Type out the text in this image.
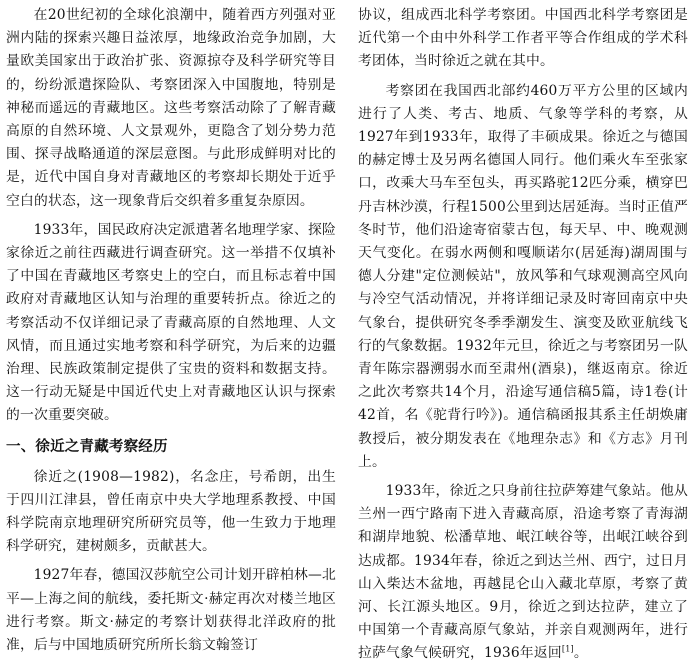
在20世纪初的全球化浪潮中，随着西方列强对亚洲内陆的探索兴趣日益浓厚，地缘政治竞争加剧，大量欧美国家出于政治扩张、资源掠夺及科学研究等目的，纷纷派遣探险队、考察团深入中国腹地，特别是神秘而遥远的青藏地区。这些考察活动除了了解青藏高原的自然环境、人文景观外，更隐含了划分势力范围、探寻战略通道的深层意图。与此形成鲜明对比的是，近代中国自身对青藏地区的考察却长期处于近乎空白的状态，这一现象背后交织着多重复杂原因。

1933年，国民政府决定派遣著名地理学家、探险家徐近之前往西藏进行调查研究。这一举措不仅填补了中国在青藏地区考察史上的空白，而且标志着中国政府对青藏地区认知与治理的重要转折点。徐近之的考察活动不仅详细记录了青藏高原的自然地理、人文风情，而且通过实地考察和科学研究，为后来的边疆治理、民族政策制定提供了宝贵的资料和数据支持。这一行动无疑是中国近代史上对青藏地区认识与探索的一次重要突破。

一、徐近之青藏考察经历

徐近之(1908—1982)，名念庄，号希朗，出生于四川江津县，曾任南京中央大学地理系教授、中国科学院南京地理研究所研究员等，他一生致力于地理科学研究，建树颇多，贡献甚大。

1927年春，德国汉莎航空公司计划开辟柏林—北平—上海之间的航线，委托斯文·赫定再次对楼兰地区进行考察。斯文·赫定的考察计划获得北洋政府的批准，后与中国地质研究所所长翁文翰签订

协议，组成西北科学考察团。中国西北科学考察团是近代第一个由中外科学工作者平等合作组成的学术科考团体，当时徐近之就在其中。

考察团在我国西北部约460万平方公里的区域内进行了人类、考古、地质、气象等学科的考察，从1927年到1933年，取得了丰硕成果。徐近之与德国的赫定博士及另两名德国人同行。他们乘火车至张家口，改乘大马车至包头，再买路驼12匹分乘，横穿巴丹吉林沙漠，行程1500公里到达居延海。当时正值严冬时节，他们沿途寄宿蒙古包，每天早、中、晚观测天气变化。在弱水两侧和嘎顺诺尔(居延海)湖周围与德人分建"定位测候站"，放风筝和气球观测高空风向与冷空气活动情况，并将详细记录及时寄回南京中央气象台，提供研究冬季季潮发生、演变及欧亚航线飞行的气象数据。1932年元旦，徐近之与考察团另一队青年陈宗器溯弱水而至肃州(酒泉)，继返南京。徐近之此次考察共14个月，沿途写通信稿5篇，诗1卷(计42首，名《驼背行吟》)。通信稿函报其系主任胡焕庸教授后，被分期发表在《地理杂志》和《方志》月刊上。

1933年，徐近之只身前往拉萨筹建气象站。他从兰州一西宁路南下进入青藏高原，沿途考察了青海湖和湖岸地貌、松潘草地、岷江峡谷等，出岷江峡谷到达成都。1934年春，徐近之到达兰州、西宁，过日月山入柴达木盆地，再越昆仑山入藏北草原，考察了黄河、长江源头地区。9月，徐近之到达拉萨，建立了中国第一个青藏高原气象站，并亲自观测两年，进行拉萨气象气候研究，1936年返回[1]。
